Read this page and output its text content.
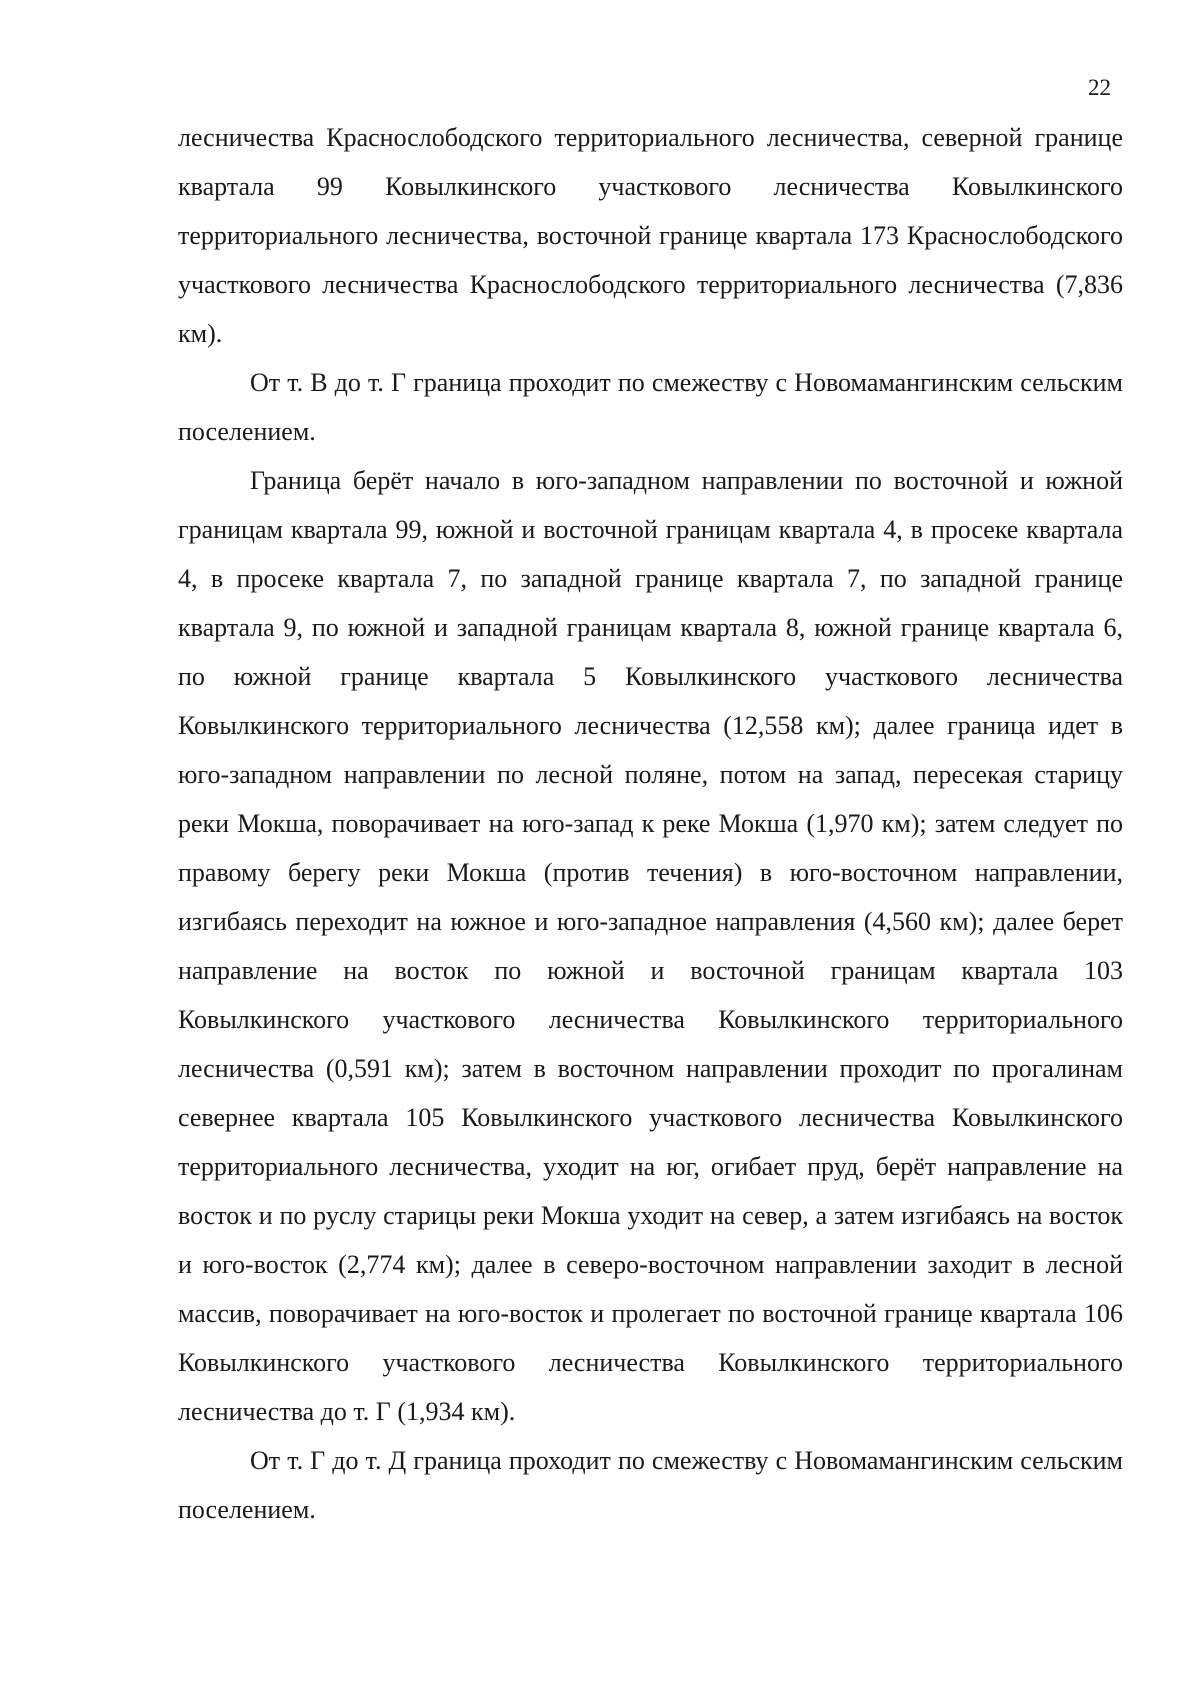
22

лесничества Краснослободского территориального лесничества, северной границе квартала 99 Ковылкинского участкового лесничества Ковылкинского территориального лесничества, восточной границе квартала 173 Краснослободского участкового лесничества Краснослободского территориального лесничества (7,836 км).

От т. В до т. Г граница проходит по смежеству с Новомамангинским сельским поселением.

Граница берёт начало в юго-западном направлении по восточной и южной границам квартала 99, южной и восточной границам квартала 4, в просеке квартала 4, в просеке квартала 7, по западной границе квартала 7, по западной границе квартала 9, по южной и западной границам квартала 8, южной границе квартала 6, по южной границе квартала 5 Ковылкинского участкового лесничества Ковылкинского территориального лесничества (12,558 км); далее граница идет в юго-западном направлении по лесной поляне, потом на запад, пересекая старицу реки Мокша, поворачивает на юго-запад к реке Мокша (1,970 км); затем следует по правому берегу реки Мокша (против течения) в юго-восточном направлении, изгибаясь переходит на южное и юго-западное направления (4,560 км); далее берет направление на восток по южной и восточной границам квартала 103 Ковылкинского участкового лесничества Ковылкинского территориального лесничества (0,591 км); затем в восточном направлении проходит по прогалинам севернее квартала 105 Ковылкинского участкового лесничества Ковылкинского территориального лесничества, уходит на юг, огибает пруд, берёт направление на восток и по руслу старицы реки Мокша уходит на север, а затем изгибаясь на восток и юго-восток (2,774 км); далее в северо-восточном направлении заходит в лесной массив, поворачивает на юго-восток и пролегает по восточной границе квартала 106 Ковылкинского участкового лесничества Ковылкинского территориального лесничества до т. Г (1,934 км).

От т. Г до т. Д граница проходит по смежеству с Новомамангинским сельским поселением.
